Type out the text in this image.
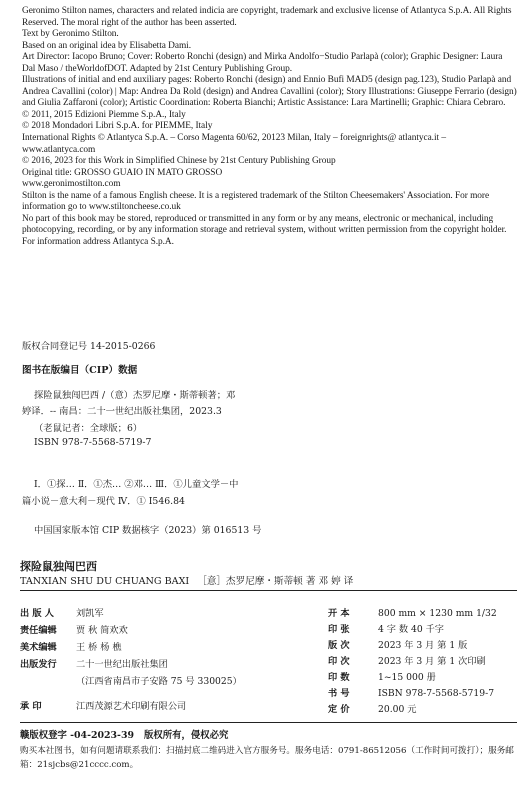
Geronimo Stilton names, characters and related indicia are copyright, trademark and exclusive license of Atlantyca S.p.A. All Rights Reserved. The moral right of the author has been asserted.

Text by Geronimo Stilton.

Based on an original idea by Elisabetta Dami.

Art Director: Iacopo Bruno; Cover: Roberto Ronchi (design) and Mirka Andolfo−Studio Parlapà (color); Graphic Designer: Laura Dal Maso / theWorldofDOT. Adapted by 21st Century Publishing Group.

Illustrations of initial and end auxiliary pages: Roberto Ronchi (design) and Ennio Bufi MAD5 (design pag.123), Studio Parlapà and Andrea Cavallini (color) | Map: Andrea Da Rold (design) and Andrea Cavallini (color); Story Illustrations: Giuseppe Ferrario (design) and Giulia Zaffaroni (color); Artistic Coordination: Roberta Bianchi; Artistic Assistance: Lara Martinelli; Graphic: Chiara Cebraro.

© 2011, 2015 Edizioni Piemme S.p.A., Italy

© 2018 Mondadori Libri S.p.A. for PIEMME, Italy

International Rights © Atlantyca S.p.A. – Corso Magenta 60/62, 20123 Milan, Italy – foreignrights@ atlantyca.it – www.atlantyca.com

© 2016, 2023 for this Work in Simplified Chinese by 21st Century Publishing Group

Original title: GROSSO GUAIO IN MATO GROSSO

www.geronimostilton.com

Stilton is the name of a famous English cheese. It is a registered trademark of the Stilton Cheesemakers' Association. For more information go to www.stiltoncheese.co.uk

No part of this book may be stored, reproduced or transmitted in any form or by any means, electronic or mechanical, including photocopying, recording, or by any information storage and retrieval system, without written permission from the copyright holder. For information address Atlantyca S.p.A.

版权合同登记号 14-2015-0266
图书在版编目（CIP）数据
探险鼠独闯巴西 /（意）杰罗尼摩・斯蒂顿著；邓
婷译．-- 南昌：二十一世纪出版社集团，2023.3
（老鼠记者：全球版；6）
ISBN 978-7-5568-5719-7
Ⅰ．①探… Ⅱ．①杰… ②邓… Ⅲ．①儿童文学－中
篇小说－意大利－现代 Ⅳ．① I546.84
中国国家版本馆 CIP 数据核字（2023）第 016513 号
探险鼠独闯巴西
TANXIAN SHU DU CHUANG BAXI ［意］杰罗尼摩・斯蒂顿 著 邓 婷 译
出 版 人 刘凯军
责任编辑 贾 秋 简欢欢
美术编辑 王 桥 杨 樵
出版发行 二十一世纪出版社集团
（江西省南昌市子安路 75 号 330025）
承 印	江西茂源艺术印刷有限公司
开 本	800 mm × 1230 mm 1/32
印 张	4 字 数 40 千字
版 次	2023 年 3 月 第 1 版
印 次	2023 年 3 月 第 1 次印刷
印 数	1~15 000 册
书 号	ISBN 978-7-5568-5719-7
定 价	20.00 元
赣版权登字 -04-2023-39 版权所有，侵权必究
购买本社图书，如有问题请联系我们：扫描封底二维码进入官方服务号。服务电话：0791-86512056（工作时间可拨打）；服务邮箱：21sjcbs@21cccc.com。
